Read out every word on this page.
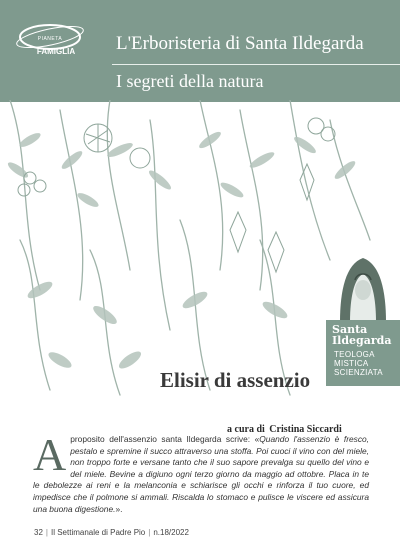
PIANETA
FAMIGLIA L'Erboristeria di Santa Ildegarda
I segreti della natura
Santa
Ildegarda
TEOLOGA
MISTICA
SCIENZIATA
Elisir di assenzio
a cura di Cristina Siccardi
Aproposito dell'assenzio santa Ildegarda scrive: «Quando l'assenzio è fresco, pestalo e spremine il succo attraverso una stoffa. Poi cuoci il vino con del miele, non troppo forte e versane tanto che il suo sapore prevalga su quello del vino e del miele. Bevine a digiuno ogni terzo giorno da maggio ad ottobre. Placa in te le debolezze ai reni e la melanconia e schiarisce gli occhi e rinforza il tuo cuore, ed impedisce che il polmone si ammali. Riscalda lo stomaco e pulisce le viscere ed assicura una buona digestione.».
32 | Il Settimanale di Padre Pio | n.18/2022
